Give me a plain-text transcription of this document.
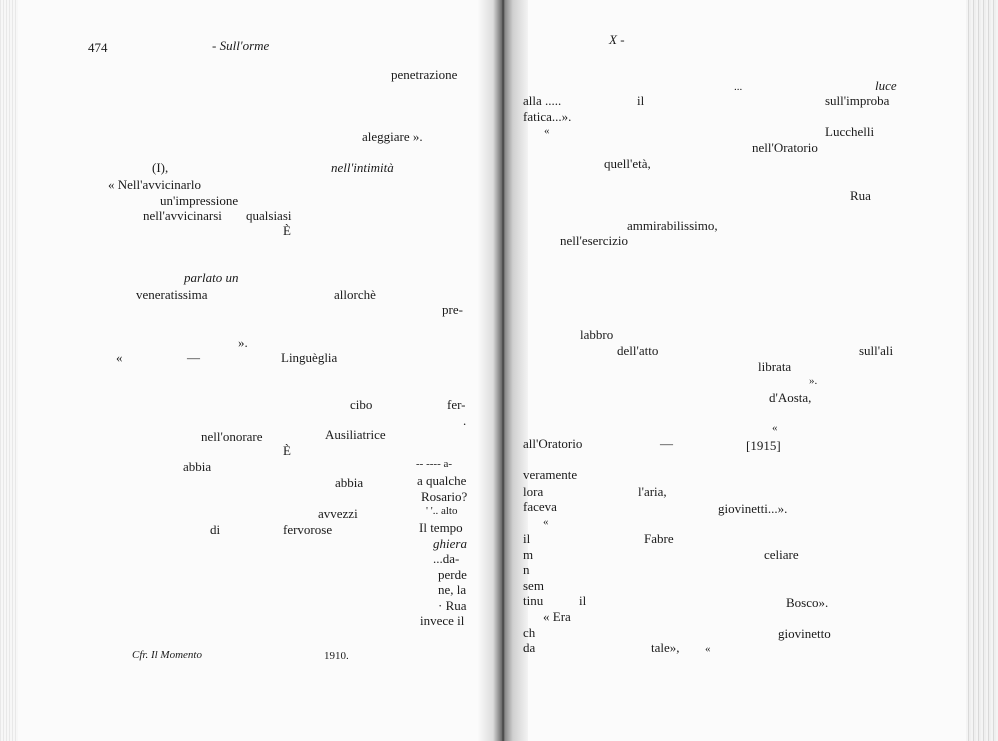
474	- Sull'orme
penetrazione
aleggiare ».
(I),	nell'intimità
« Nell'avvicinarlo
un'impressione
nell'avvicinarsi qualsiasi
È
parlato un
veneratissima	allorchè
pre-
».
«	—	Linguèglia
cibo	fer-
.
nell'onorare	Ausiliatrice
È
abbia
abbia
avvezzi
di	fervorose
-- ---- a-
a qualche
Rosario?
' '.. alto
Il tempo
ghiera
...da-
perde
ne, la
· Rua
invece il
Cfr. Il Momento	1910.
X -
...	luce
alla .....	il	sull'improba
fatica...».
«	Lucchelli
nell'Oratorio
quell'età,
Rua
ammirabilissimo,
nell'esercizio
labbro
dell'atto	sull'ali
librata
».
d'Aosta,
«
all'Oratorio	—	[1915]
veramente
lora	l'aria,
faceva	giovinetti...».
«
il	Fabre
m	celiare
n
sem
tinu	il	Bosco».
« Era
ch	giovinetto
da	tale», «
